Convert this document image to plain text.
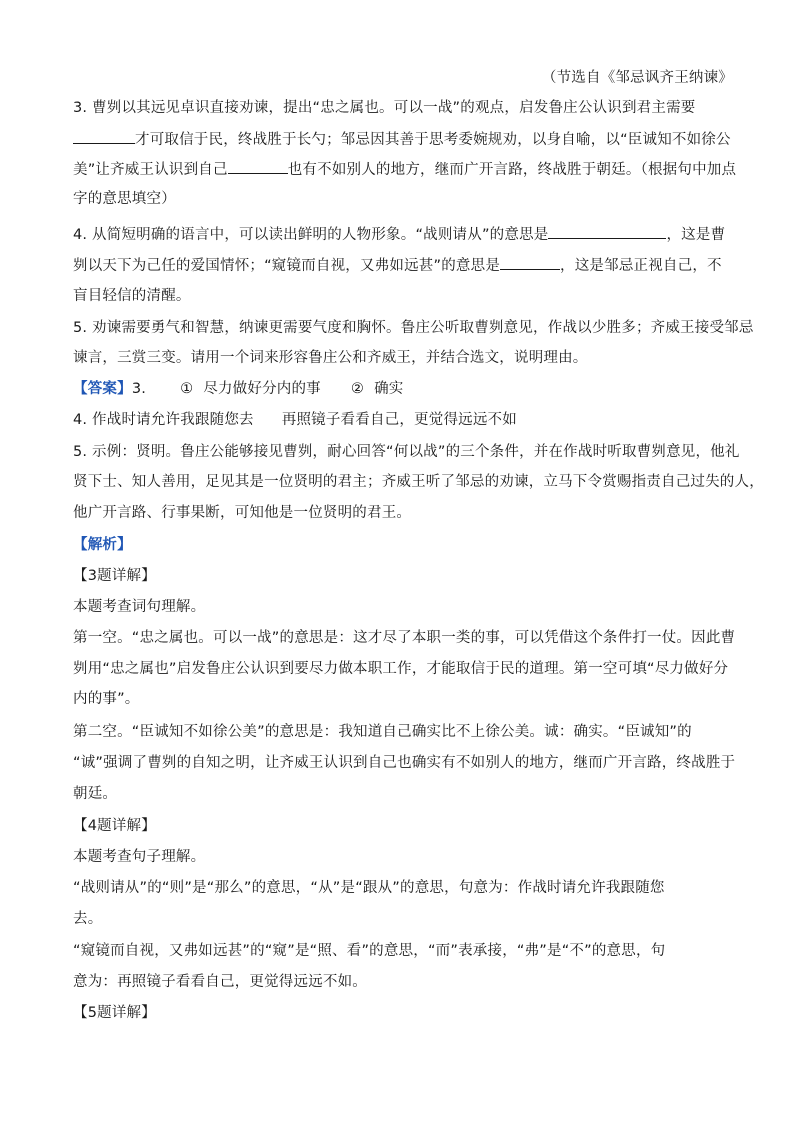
（节选自《邹忌讽齐王纳谏》
3. 曹刿以其远见卓识直接劝谏，提出“忠之属也。可以一战”的观点，启发鲁庄公认识到君主需要
才可取信于民，终战胜于长勺；邹忌因其善于思考委婉规劝，以身自喻，以“臣诚知不如徐公
美”让齐威王认识到自己	也有不如别人的地方，继而广开言路，终战胜于朝廷。（根据句中加点
字的意思填空）
4. 从简短明确的语言中，可以读出鲜明的人物形象。“战则请从”的意思是	，这是曹
刿以天下为己任的爱国情怀；“窥镜而自视，又弗如远甚”的意思是	，这是邹忌正视自己，不
盲目轻信的清醒。
5. 劝谏需要勇气和智慧，纳谏更需要气度和胸怀。鲁庄公听取曹刿意见，作战以少胜多；齐威王接受邹忌
谏言，三赏三变。请用一个词来形容鲁庄公和齐威王，并结合选文，说明理由。
【答案】3. ① 尽力做好分内的事 ② 确实
4. 作战时请允许我跟随您去 再照镜子看看自己，更觉得远远不如
5. 示例：贤明。鲁庄公能够接见曹刿，耐心回答“何以战”的三个条件，并在作战时听取曹刿意见，他礼
贤下士、知人善用，足见其是一位贤明的君主；齐威王听了邹忌的劝谏，立马下令赏赐指责自己过失的人，
他广开言路、行事果断，可知他是一位贤明的君王。
【解析】
【3题详解】
本题考查词句理解。
第一空。“忠之属也。可以一战”的意思是：这才尽了本职一类的事，可以凭借这个条件打一仗。因此曹
刿用“忠之属也”启发鲁庄公认识到要尽力做本职工作，才能取信于民的道理。第一空可填“尽力做好分
内的事”。
第二空。“臣诚知不如徐公美”的意思是：我知道自己确实比不上徐公美。诚：确实。“臣诚知”的
“诚”强调了曹刿的自知之明，让齐威王认识到自己也确实有不如别人的地方，继而广开言路，终战胜于
朝廷。
【4题详解】
本题考查句子理解。
“战则请从”的“则”是“那么”的意思，“从”是“跟从”的意思，句意为：作战时请允许我跟随您
去。
“窥镜而自视，又弗如远甚”的“窥”是“照、看”的意思，“而”表承接，“弗”是“不”的意思，句
意为：再照镜子看看自己，更觉得远远不如。
【5题详解】
